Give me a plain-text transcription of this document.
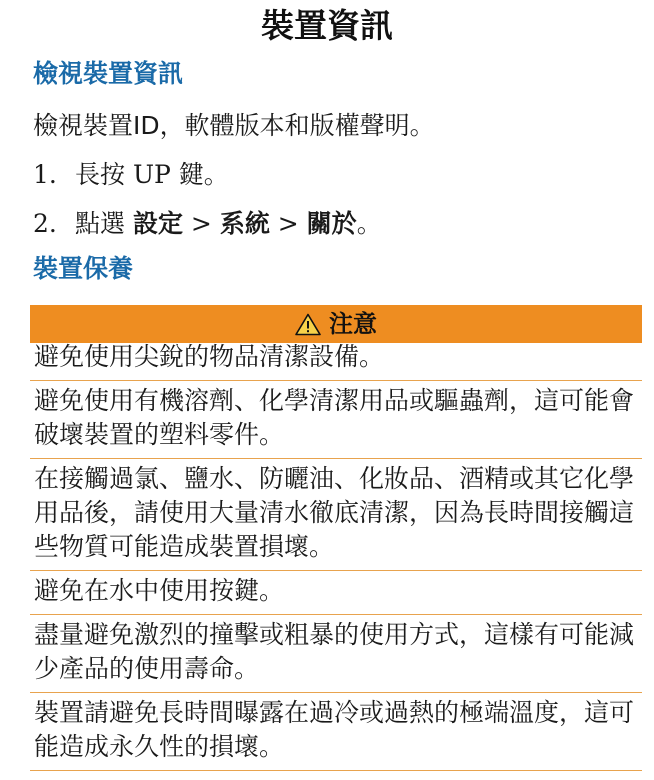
裝置資訊
檢視裝置資訊
檢視裝置ID，軟體版本和版權聲明。
1. 長按 UP 鍵。
2. 點選 設定 > 系統 > 關於。
裝置保養
注意
避免使用尖銳的物品清潔設備。
避免使用有機溶劑、化學清潔用品或驅蟲劑，這可能會破壞裝置的塑料零件。
在接觸過氯、鹽水、防曬油、化妝品、酒精或其它化學用品後，請使用大量清水徹底清潔，因為長時間接觸這些物質可能造成裝置損壞。
避免在水中使用按鍵。
盡量避免激烈的撞擊或粗暴的使用方式，這樣有可能減少產品的使用壽命。
裝置請避免長時間曝露在過冷或過熱的極端溫度，這可能造成永久性的損壞。
